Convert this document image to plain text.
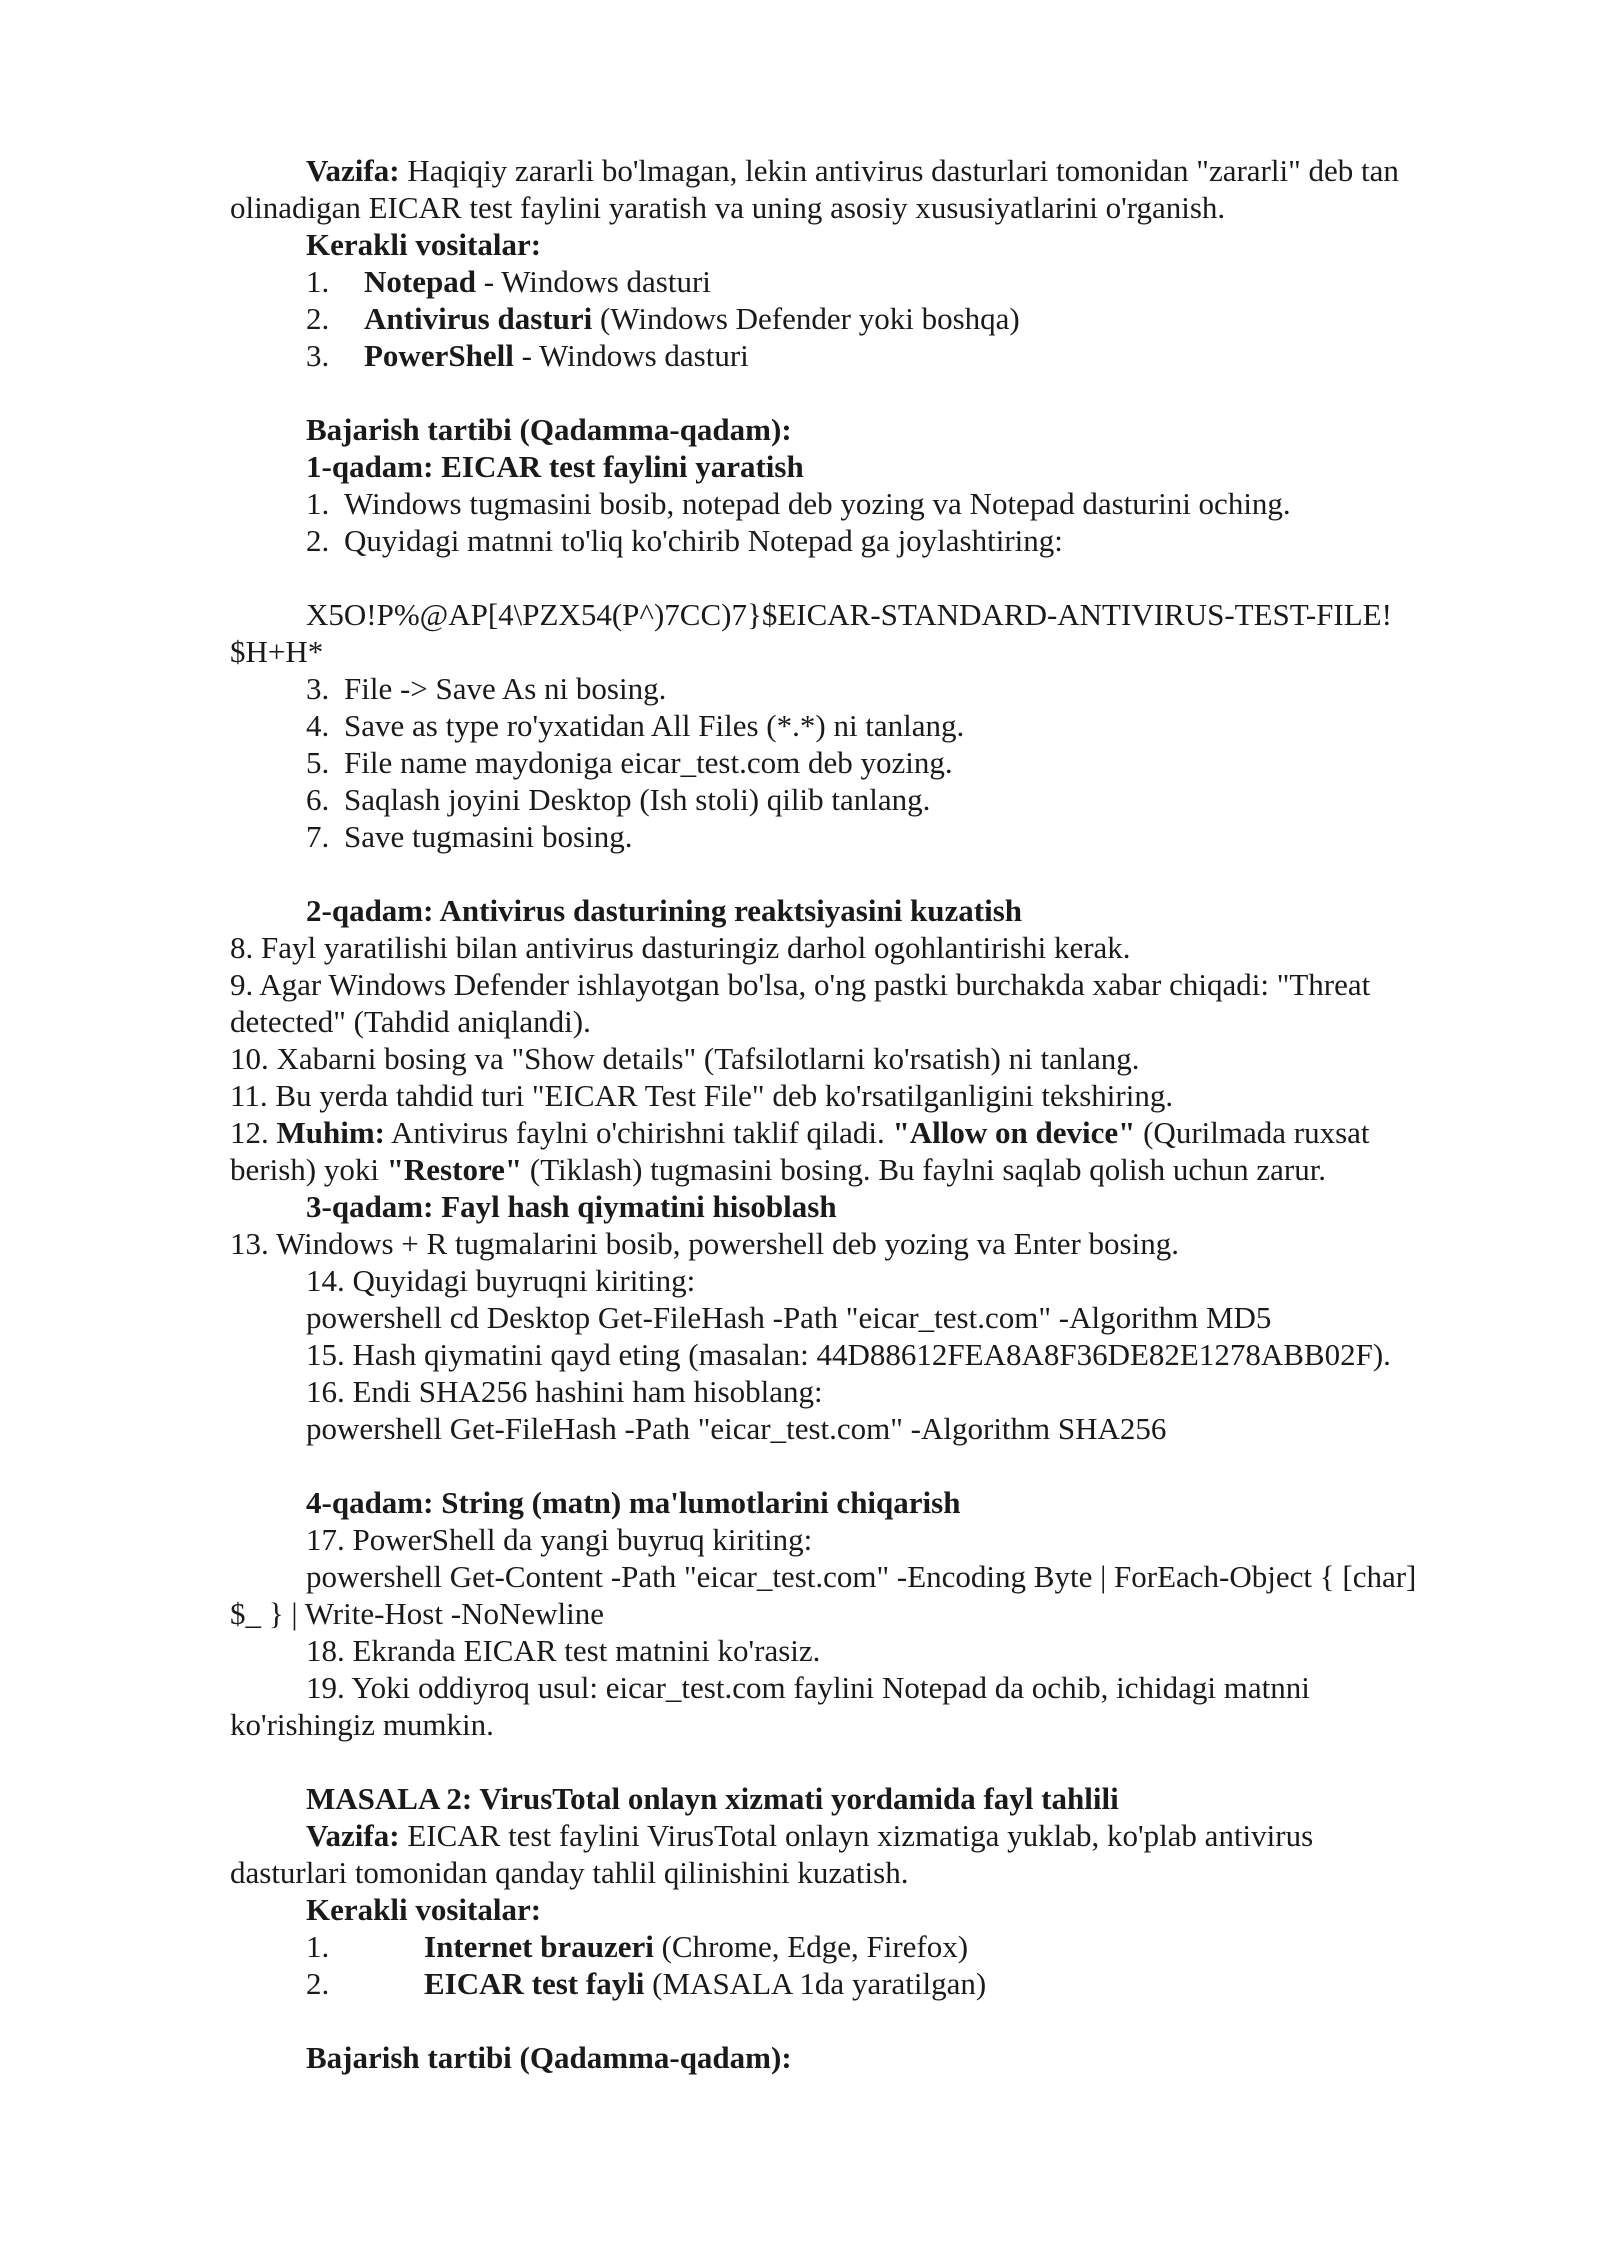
Vazifa: Haqiqiy zararli bo'lmagan, lekin antivirus dasturlari tomonidan "zararli" deb tan
olinadigan EICAR test faylini yaratish va uning asosiy xususiyatlarini o'rganish.
Kerakli vositalar:
1. Notepad - Windows dasturi
2. Antivirus dasturi (Windows Defender yoki boshqa)
3. PowerShell - Windows dasturi
Bajarish tartibi (Qadamma-qadam):
1-qadam: EICAR test faylini yaratish
1. Windows tugmasini bosib, notepad deb yozing va Notepad dasturini oching.
2. Quyidagi matnni to'liq ko'chirib Notepad ga joylashtiring:
X5O!P%@AP[4\PZX54(P^)7CC)7}$EICAR-STANDARD-ANTIVIRUS-TEST-FILE!
$H+H*
3. File -> Save As ni bosing.
4. Save as type ro'yxatidan All Files (*.*) ni tanlang.
5. File name maydoniga eicar_test.com deb yozing.
6. Saqlash joyini Desktop (Ish stoli) qilib tanlang.
7. Save tugmasini bosing.
2-qadam: Antivirus dasturining reaktsiyasini kuzatish
8. Fayl yaratilishi bilan antivirus dasturingiz darhol ogohlantirishi kerak.
9. Agar Windows Defender ishlayotgan bo'lsa, o'ng pastki burchakda xabar chiqadi: "Threat
detected" (Tahdid aniqlandi).
10. Xabarni bosing va "Show details" (Tafsilotlarni ko'rsatish) ni tanlang.
11. Bu yerda tahdid turi "EICAR Test File" deb ko'rsatilganligini tekshiring.
12. Muhim: Antivirus faylni o'chirishni taklif qiladi. "Allow on device" (Qurilmada ruxsat
berish) yoki "Restore" (Tiklash) tugmasini bosing. Bu faylni saqlab qolish uchun zarur.
3-qadam: Fayl hash qiymatini hisoblash
13. Windows + R tugmalarini bosib, powershell deb yozing va Enter bosing.
14. Quyidagi buyruqni kiriting:
powershell cd Desktop Get-FileHash -Path "eicar_test.com" -Algorithm MD5
15. Hash qiymatini qayd eting (masalan: 44D88612FEA8A8F36DE82E1278ABB02F).
16. Endi SHA256 hashini ham hisoblang:
powershell Get-FileHash -Path "eicar_test.com" -Algorithm SHA256
4-qadam: String (matn) ma'lumotlarini chiqarish
17. PowerShell da yangi buyruq kiriting:
powershell Get-Content -Path "eicar_test.com" -Encoding Byte | ForEach-Object { [char]
$_ } | Write-Host -NoNewline
18. Ekranda EICAR test matnini ko'rasiz.
19. Yoki oddiyroq usul: eicar_test.com faylini Notepad da ochib, ichidagi matnni
ko'rishingiz mumkin.
MASALA 2: VirusTotal onlayn xizmati yordamida fayl tahlili
Vazifa: EICAR test faylini VirusTotal onlayn xizmatiga yuklab, ko'plab antivirus
dasturlari tomonidan qanday tahlil qilinishini kuzatish.
Kerakli vositalar:
1.	Internet brauzeri (Chrome, Edge, Firefox)
2.	EICAR test fayli (MASALA 1da yaratilgan)
Bajarish tartibi (Qadamma-qadam):
